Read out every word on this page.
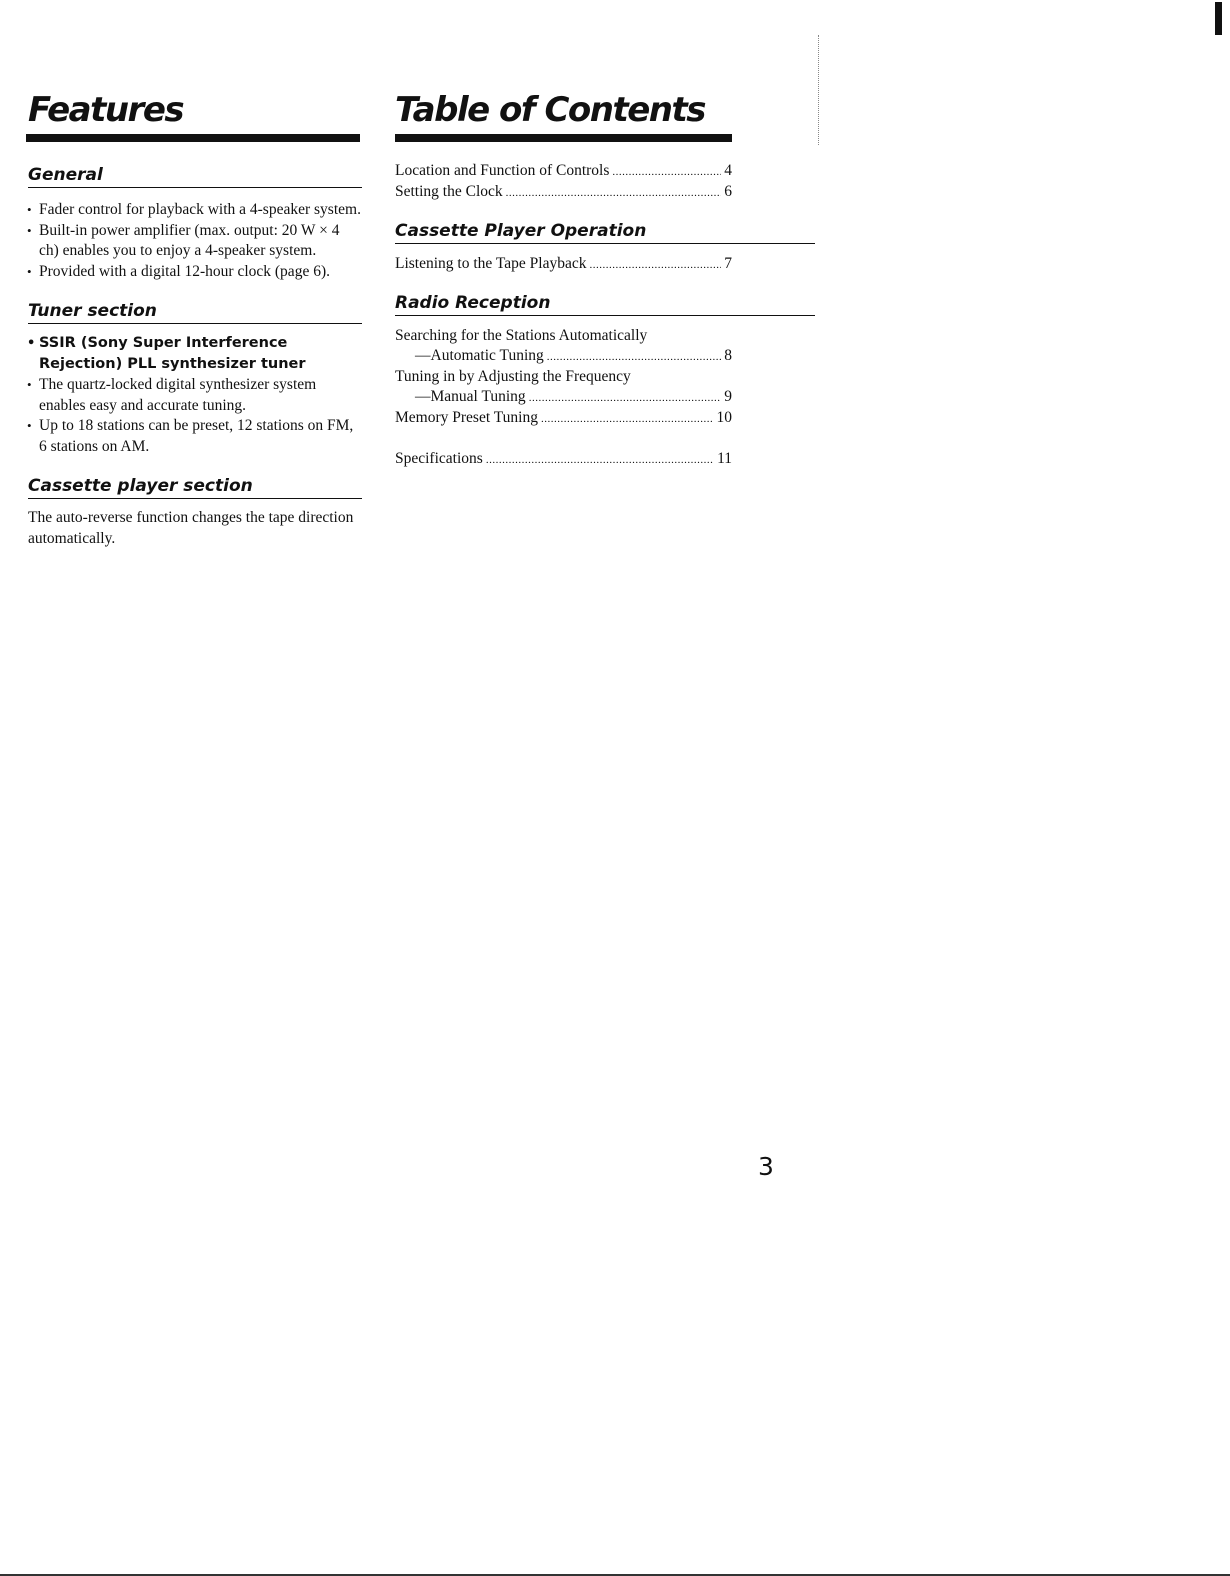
Features
General
• Fader control for playback with a 4-speaker system.
• Built-in power amplifier (max. output: 20 W × 4 ch) enables you to enjoy a 4-speaker system.
• Provided with a digital 12-hour clock (page 6).
Tuner section
• SSIR (Sony Super Interference Rejection) PLL synthesizer tuner
• The quartz-locked digital synthesizer system enables easy and accurate tuning.
• Up to 18 stations can be preset, 12 stations on FM, 6 stations on AM.
Cassette player section

The auto-reverse function changes the tape direction automatically.

Table of Contents
Location and Function of Controls .....	4
Setting the Clock .....	6
Cassette Player Operation
Listening to the Tape Playback .....	7
Radio Reception
Searching for the Stations Automatically
—Automatic Tuning .....	8
Tuning in by Adjusting the Frequency
—Manual Tuning .....	9
Memory Preset Tuning .....	10
Specifications .....	11
3
